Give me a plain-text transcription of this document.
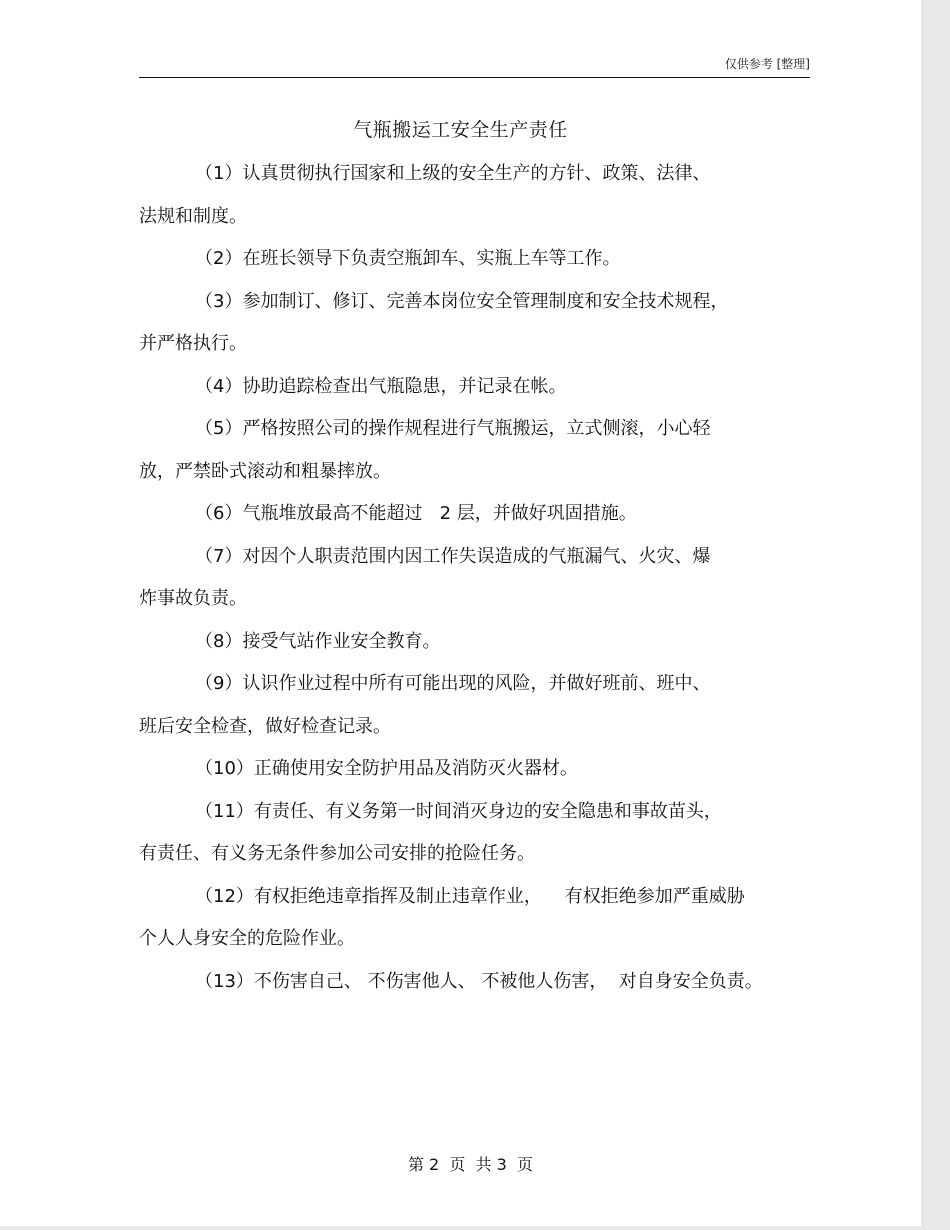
仅供参考 [整理]
气瓶搬运工安全生产责任
（1）认真贯彻执行国家和上级的安全生产的方针、政策、法律、
法规和制度。
（2）在班长领导下负责空瓶卸车、实瓶上车等工作。
（3）参加制订、修订、完善本岗位安全管理制度和安全技术规程，
并严格执行。
（4）协助追踪检查出气瓶隐患，并记录在帐。
（5）严格按照公司的操作规程进行气瓶搬运，立式侧滚，小心轻
放，严禁卧式滚动和粗暴摔放。
（6）气瓶堆放最高不能超过   2 层，并做好巩固措施。
（7）对因个人职责范围内因工作失误造成的气瓶漏气、火灾、爆
炸事故负责。
（8）接受气站作业安全教育。
（9）认识作业过程中所有可能出现的风险，并做好班前、班中、
班后安全检查，做好检查记录。
（10）正确使用安全防护用品及消防灭火器材。
（11）有责任、有义务第一时间消灭身边的安全隐患和事故苗头，
有责任、有义务无条件参加公司安排的抢险任务。
（12）有权拒绝违章指挥及制止违章作业，    有权拒绝参加严重威胁
个人人身安全的危险作业。
（13）不伤害自己、 不伤害他人、 不被他人伤害，  对自身安全负责。
第 2  页  共 3  页
